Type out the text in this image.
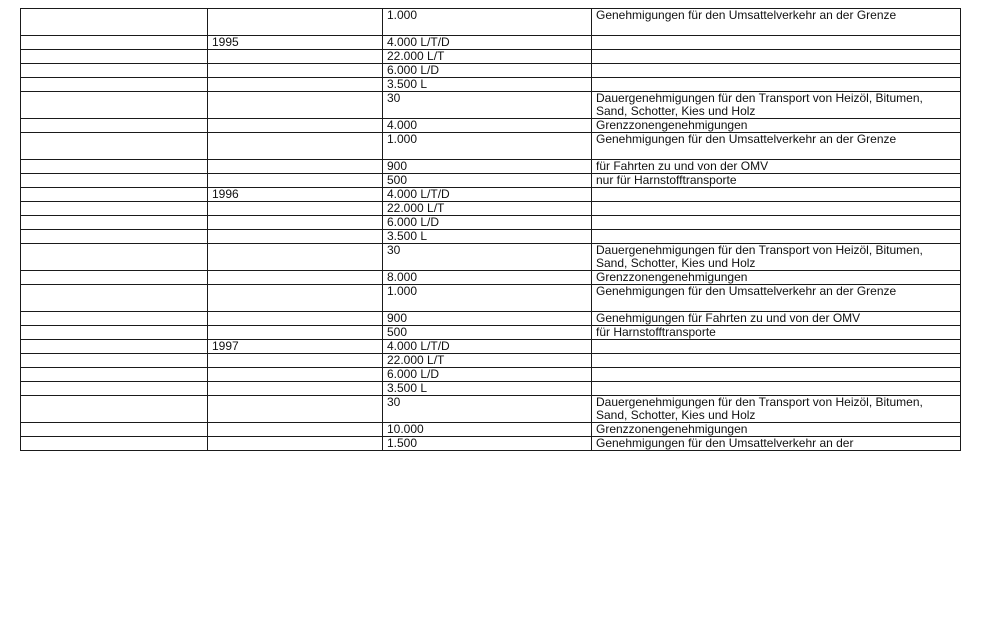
		1.000	Genehmigungen für den Umsattelverkehr an der Grenze
	1995	4.000 L/T/D	
		22.000 L/T	
		6.000 L/D	
		3.500 L	
		30	Dauergenehmigungen für den Transport von Heizöl, Bitumen, Sand, Schotter, Kies und Holz
		4.000	Grenzzonengenehmigungen
		1.000	Genehmigungen für den Umsattelverkehr an der Grenze
		900	für Fahrten zu und von der OMV
		500	nur für Harnstofftransporte
	1996	4.000 L/T/D	
		22.000 L/T	
		6.000 L/D	
		3.500 L	
		30	Dauergenehmigungen für den Transport von Heizöl, Bitumen, Sand, Schotter, Kies und Holz
		8.000	Grenzzonengenehmigungen
		1.000	Genehmigungen für den Umsattelverkehr an der Grenze
		900	Genehmigungen für Fahrten zu und von der OMV
		500	für Harnstofftransporte
	1997	4.000 L/T/D	
		22.000 L/T	
		6.000 L/D	
		3.500 L	
		30	Dauergenehmigungen für den Transport von Heizöl, Bitumen, Sand, Schotter, Kies und Holz
		10.000	Grenzzonengenehmigungen
		1.500	Genehmigungen für den Umsattelverkehr an der
